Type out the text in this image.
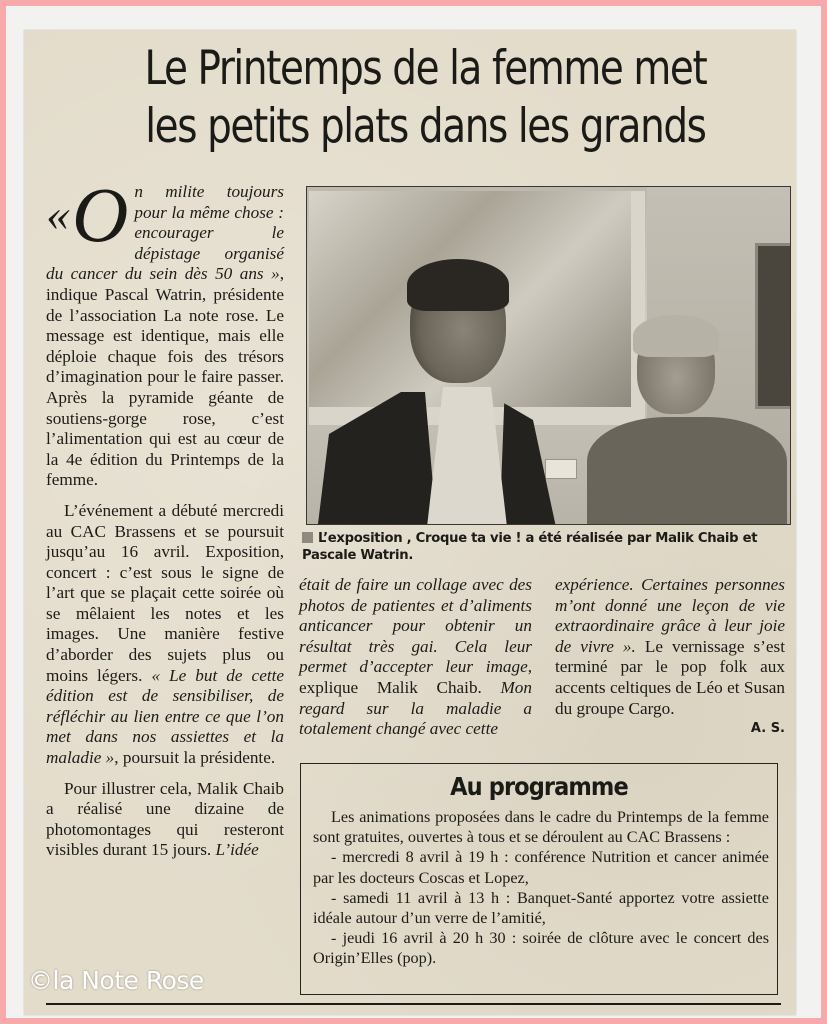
Le Printemps de la femme met
les petits plats dans les grands

«O n milite toujours pour la même chose : encourager le dépistage organisé du cancer du sein dès 50 ans », indique Pascal Watrin, présidente de l’association La note rose. Le message est identique, mais elle déploie chaque fois des trésors d’imagination pour le faire passer. Après la pyramide géante de soutiens-gorge rose, c’est l’alimentation qui est au cœur de la 4e édition du Printemps de la femme.

L’événement a débuté mercredi au CAC Brassens et se poursuit jusqu’au 16 avril. Exposition, concert : c’est sous le signe de l’art que se plaçait cette soirée où se mêlaient les notes et les images. Une manière festive d’aborder des sujets plus ou moins légers. « Le but de cette édition est de sensibiliser, de réfléchir au lien entre ce que l’on met dans nos assiettes et la maladie », poursuit la présidente.

Pour illustrer cela, Malik Chaib a réalisé une dizaine de photomontages qui resteront visibles durant 15 jours. L’idée

L’exposition , Croque ta vie ! a été réalisée par Malik Chaib et Pascale Watrin.

était de faire un collage avec des photos de patientes et d’aliments anticancer pour obtenir un résultat très gai. Cela leur permet d’accepter leur image, explique Malik Chaib. Mon regard sur la maladie a totalement changé avec cette

expérience. Certaines personnes m’ont donné une leçon de vie extraordinaire grâce à leur joie de vivre ». Le vernissage s’est terminé par le pop folk aux accents celtiques de Léo et Susan du groupe Cargo.

A. S.
Au programme

Les animations proposées dans le cadre du Printemps de la femme sont gratuites, ouvertes à tous et se déroulent au CAC Brassens :

- mercredi 8 avril à 19 h : conférence Nutrition et cancer animée par les docteurs Coscas et Lopez,

- samedi 11 avril à 13 h : Banquet-Santé apportez votre assiette idéale autour d’un verre de l’amitié,

- jeudi 16 avril à 20 h 30 : soirée de clôture avec le concert des Origin’Elles (pop).

©la Note Rose
